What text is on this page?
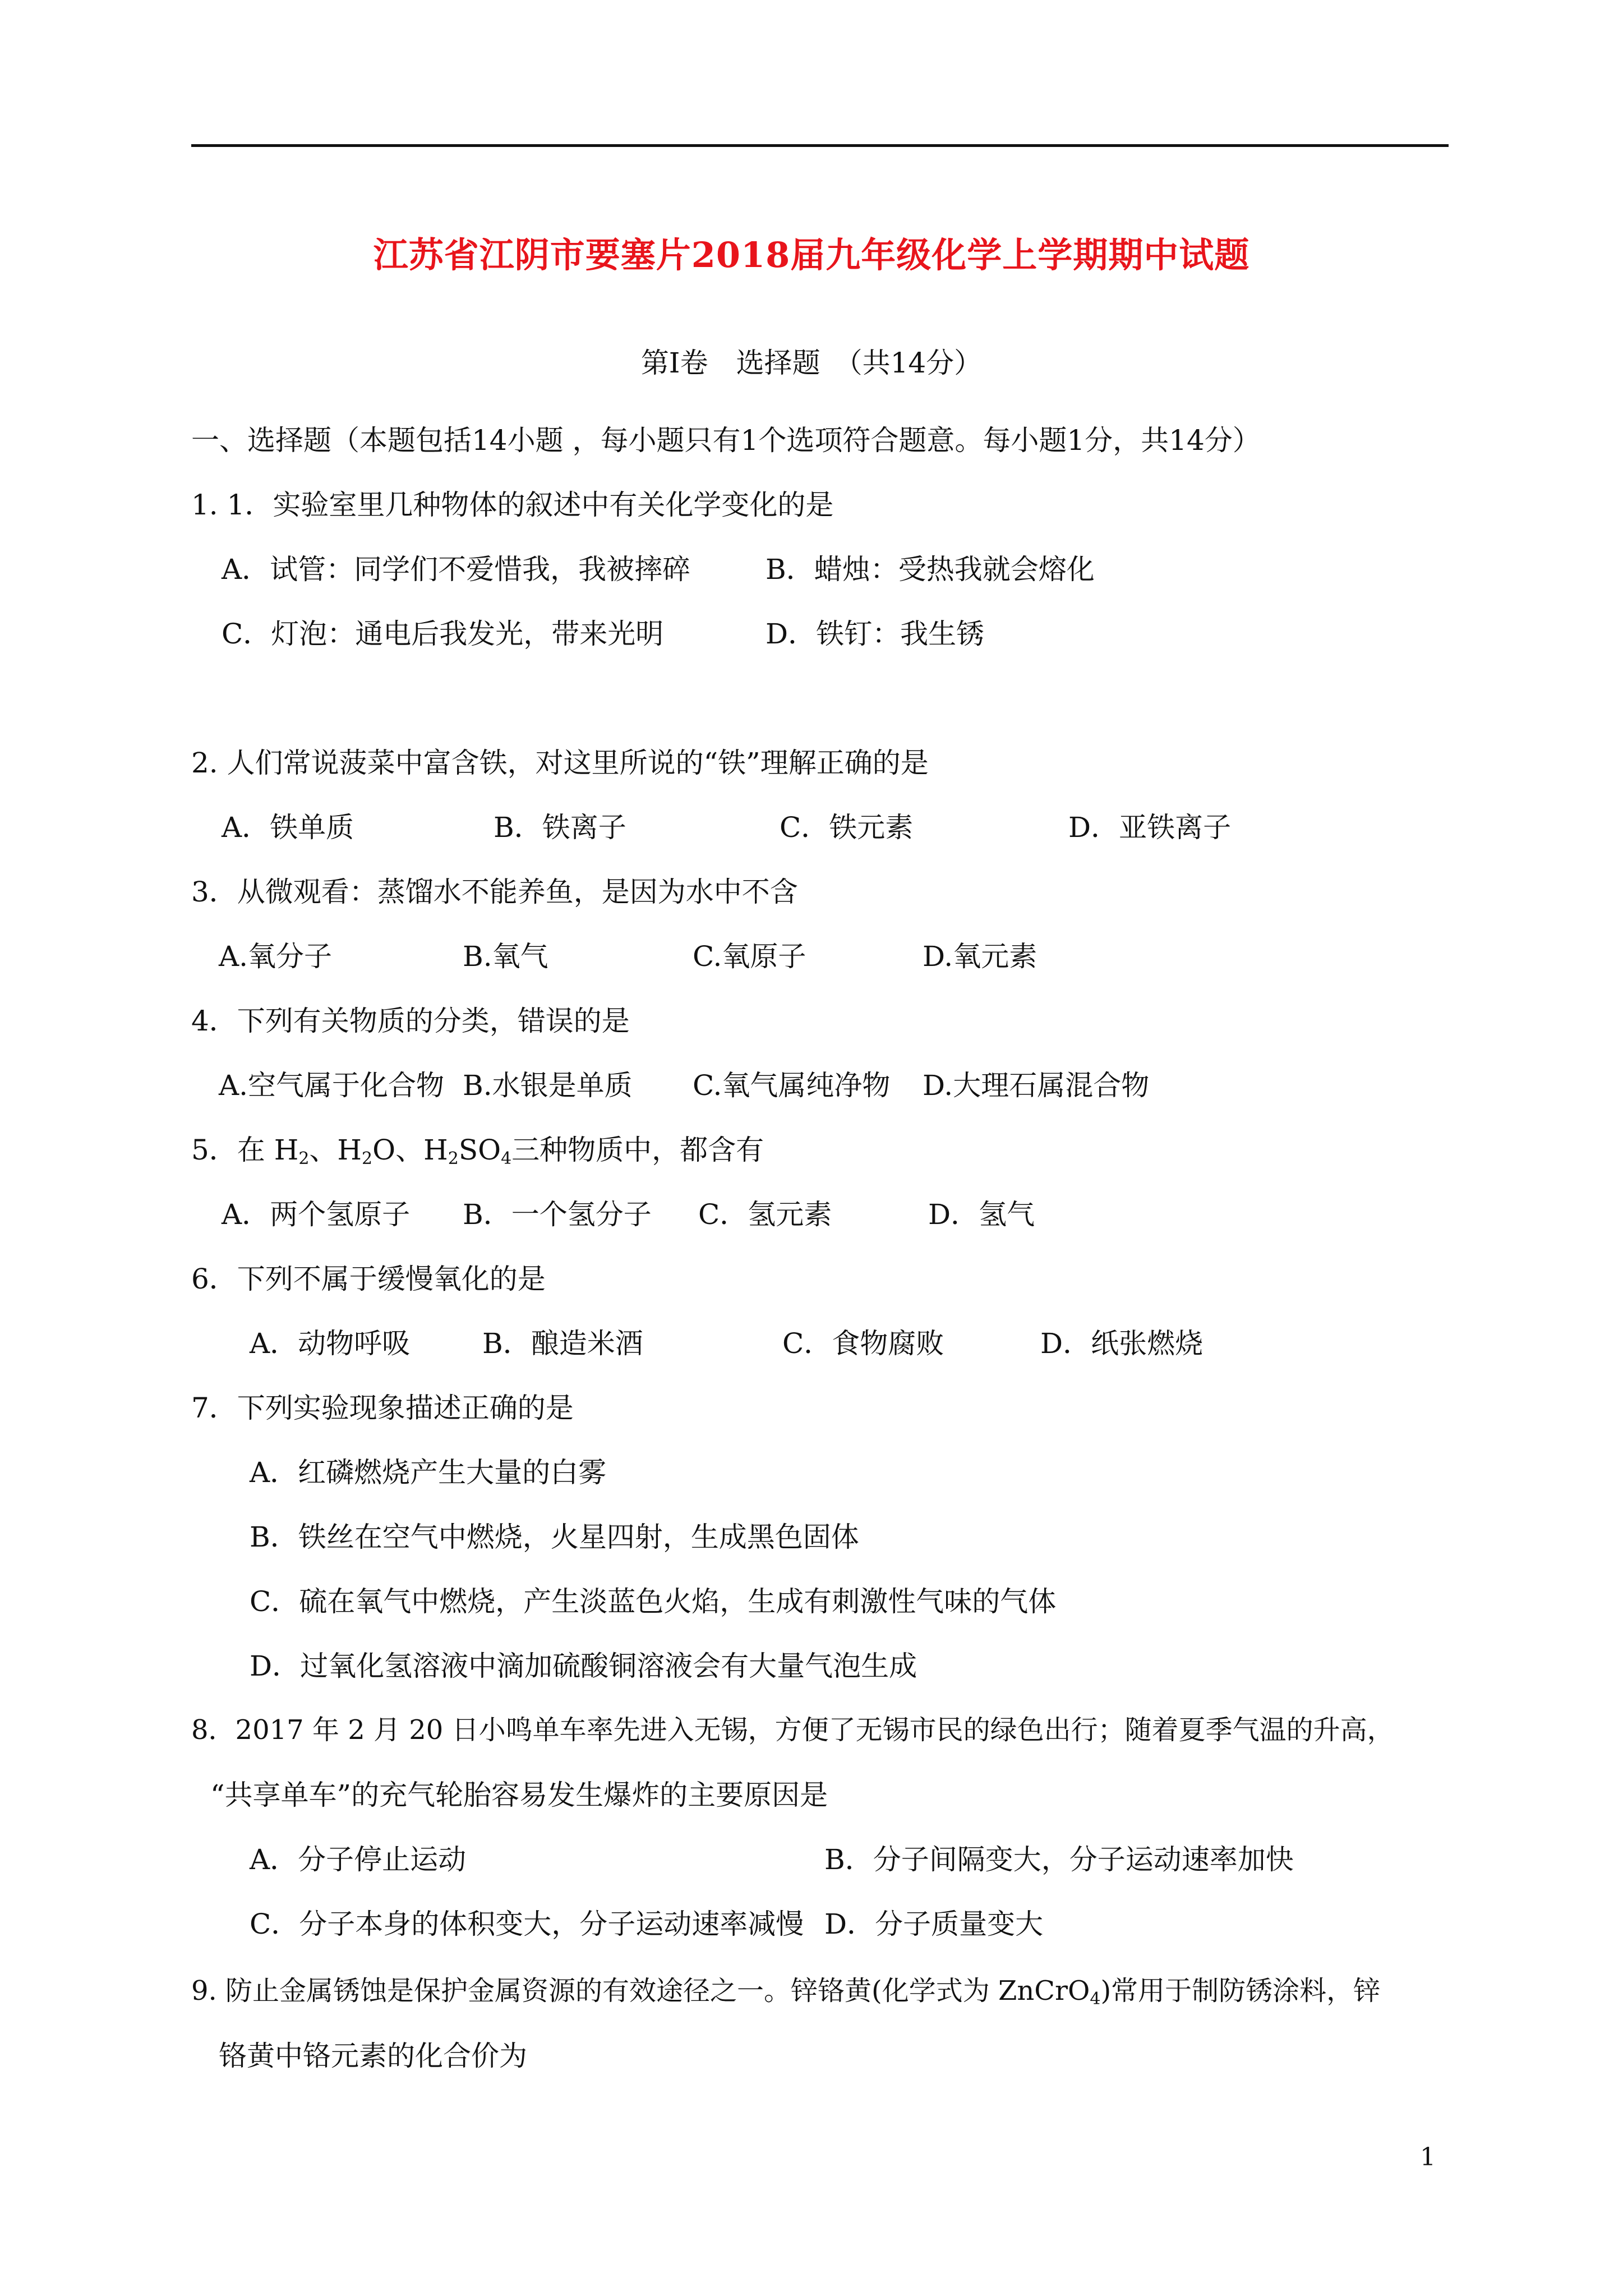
江苏省江阴市要塞片2018届九年级化学上学期期中试题
第Ⅰ卷　选择题　（共14分）
一、选择题（本题包括14小题 ，每小题只有1个选项符合题意。每小题1分，共14分）
1. 1．实验室里几种物体的叙述中有关化学变化的是
A．试管：同学们不爱惜我，我被摔碎	B．蜡烛：受热我就会熔化
C．灯泡：通电后我发光，带来光明	D．铁钉：我生锈
2. 人们常说菠菜中富含铁，对这里所说的“铁”理解正确的是
A．铁单质	B．铁离子	C．铁元素	D．亚铁离子
3．从微观看：蒸馏水不能养鱼，是因为水中不含
A.氧分子	B.氧气	C.氧原子	D.氧元素
4．下列有关物质的分类，错误的是
A.空气属于化合物 B.水银是单质 C.氧气属纯净物 D.大理石属混合物
5．在 $H_2$、$H_2O$、$H_2SO_4$三种物质中，都含有
A．两个氢原子 B．一个氢分子 C．氢元素	D．氢气
6．下列不属于缓慢氧化的是
A．动物呼吸	B．酿造米酒	C．食物腐败	D．纸张燃烧
7．下列实验现象描述正确的是
A．红磷燃烧产生大量的白雾
B．铁丝在空气中燃烧，火星四射，生成黑色固体
C．硫在氧气中燃烧，产生淡蓝色火焰，生成有刺激性气味的气体
D．过氧化氢溶液中滴加硫酸铜溶液会有大量气泡生成
8．2017 年 2 月 20 日小鸣单车率先进入无锡，方便了无锡市民的绿色出行；随着夏季气温的升高，
“共享单车”的充气轮胎容易发生爆炸的主要原因是
A．分子停止运动	B．分子间隔变大，分子运动速率加快
C．分子本身的体积变大，分子运动速率减慢 D．分子质量变大
9. 防止金属锈蚀是保护金属资源的有效途径之一。锌铬黄(化学式为 ZnCrO$_4$)常用于制防锈涂料，锌
铬黄中铬元素的化合价为
1
